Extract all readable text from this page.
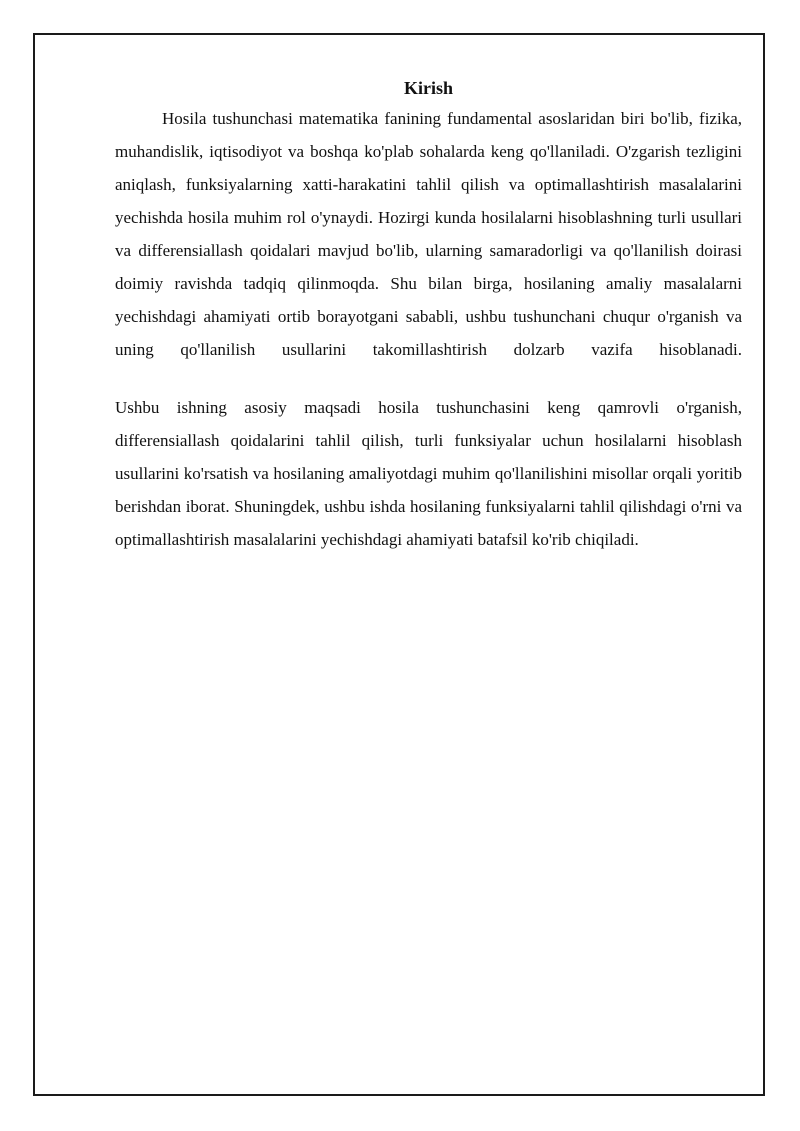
Kirish

Hosila tushunchasi matematika fanining fundamental asoslaridan biri bo'lib, fizika, muhandislik, iqtisodiyot va boshqa ko'plab sohalarda keng qo'llaniladi. O'zgarish tezligini aniqlash, funksiyalarning xatti-harakatini tahlil qilish va optimallashtirish masalalarini yechishda hosila muhim rol o'ynaydi. Hozirgi kunda hosilalarni hisoblashning turli usullari va differensiallash qoidalari mavjud bo'lib, ularning samaradorligi va qo'llanilish doirasi doimiy ravishda tadqiq qilinmoqda. Shu bilan birga, hosilaning amaliy masalalarni yechishdagi ahamiyati ortib borayotgani sababli, ushbu tushunchani chuqur o'rganish va uning qo'llanilish usullarini takomillashtirish dolzarb vazifa hisoblanadi.

Ushbu ishning asosiy maqsadi hosila tushunchasini keng qamrovli o'rganish, differensiallash qoidalarini tahlil qilish, turli funksiyalar uchun hosilalarni hisoblash usullarini ko'rsatish va hosilaning amaliyotdagi muhim qo'llanilishini misollar orqali yoritib berishdan iborat. Shuningdek, ushbu ishda hosilaning funksiyalarni tahlil qilishdagi o'rni va optimallashtirish masalalarini yechishdagi ahamiyati batafsil ko'rib chiqiladi.
